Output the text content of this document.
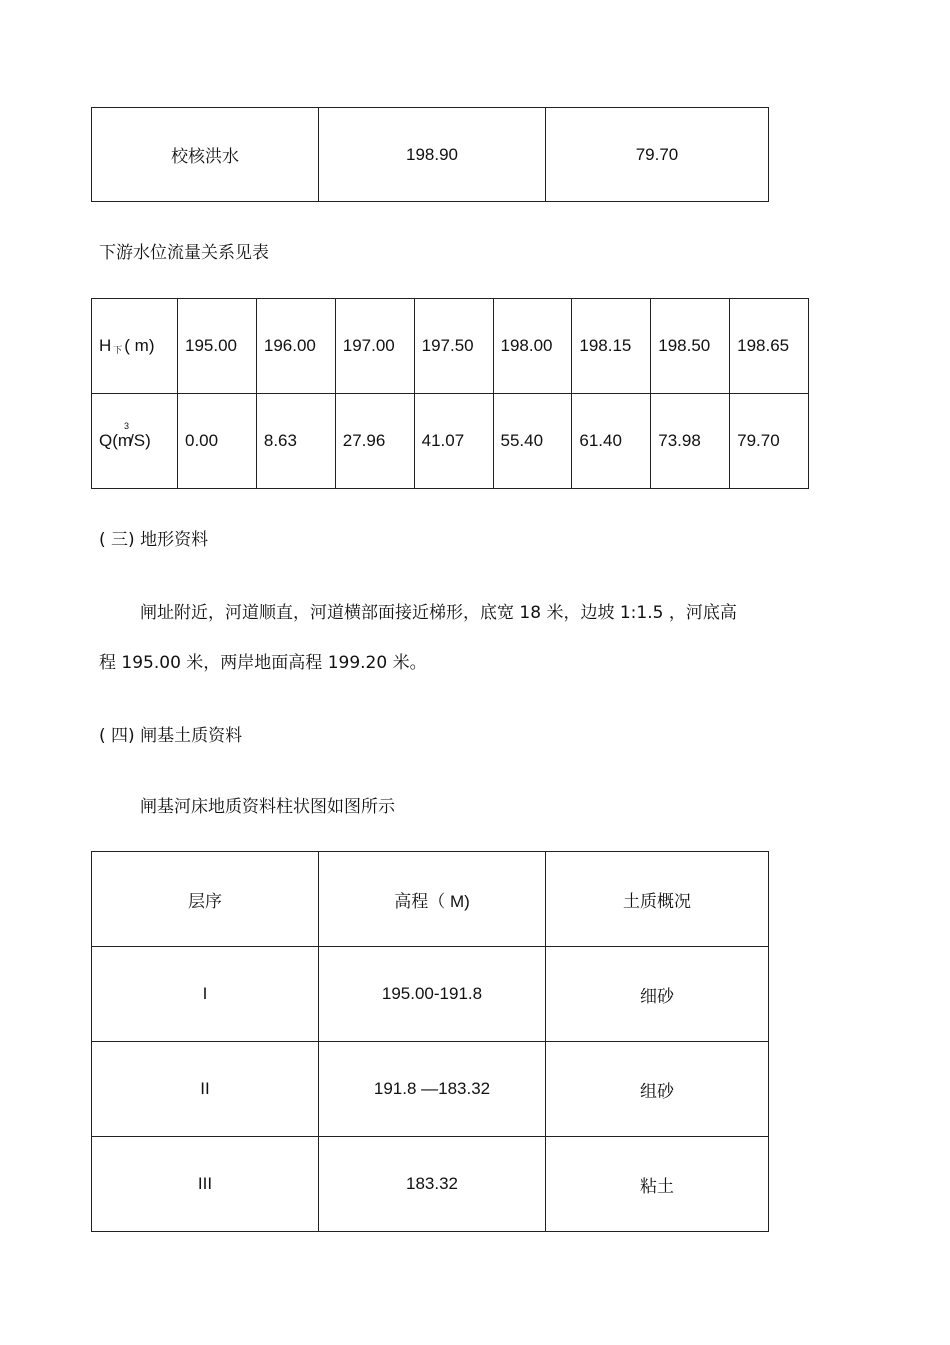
校核洪水	198.90	79.70
下游水位流量关系见表
H $_下$ ( m)	195.00	196.00	197.00	197.50	198.00	198.15	198.50	198.65
$Q(m^3/S)$	0.00	8.63	27.96	41.07	55.40	61.40	73.98	79.70
( 三) 地形资料
闸址附近，河道顺直，河道横部面接近梯形，底宽 18 米，边坡 1:1.5 ，河底高
程 195.00 米，两岸地面高程 199.20 米。
( 四) 闸基土质资料
闸基河床地质资料柱状图如图所示
层序	高程（ M)	土质概况
I	195.00-191.8	细砂
II	191.8 —183.32	组砂
III	183.32	粘土
